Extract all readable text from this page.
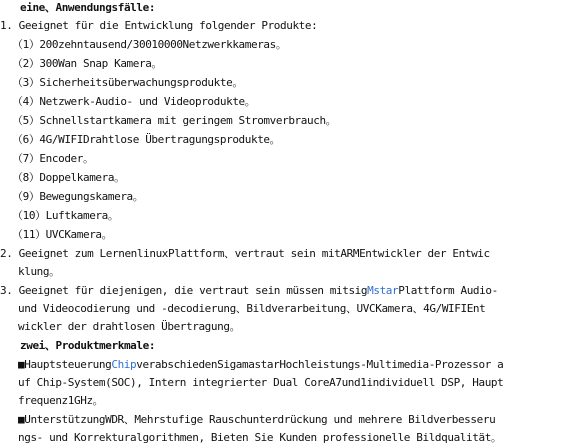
eine、Anwendungsfälle:
1. Geeignet für die Entwicklung folgender Produkte:
（1）200zehntausend/30010000Netzwerkkameras。
（2）300Wan Snap Kamera。
（3）Sicherheitsüberwachungsprodukte。
（4）Netzwerk-Audio- und Videoprodukte。
（5）Schnellstartkamera mit geringem Stromverbrauch。
（6）4G/WIFIDrahtlose Übertragungsprodukte。
（7）Encoder。
（8）Doppelkamera。
（9）Bewegungskamera。
（10）Luftkamera。
（11）UVCKamera。
2. Geeignet zum LernenlinuxPlattform、vertraut sein mitARMEntwickler der Entwic
klung。
3. Geeignet für diejenigen, die vertraut sein müssen mitsigMstarPlattform Audio-
und Videocodierung und -decodierung、Bildverarbeitung、UVCKamera、4G/WIFIEnt
wickler der drahtlosen Übertragung。
zwei、Produktmerkmale:
■HauptsteuerungChipverabschiedenSigamastarHochleistungs-Multimedia-Prozessor a
uf Chip-System(SOC), Intern integrierter Dual CoreA7und1individuell DSP, Haupt
frequenz1GHz。
■UnterstützungWDR、Mehrstufige Rauschunterdrückung und mehrere Bildverbesseru
ngs- und Korrekturalgorithmen, Bieten Sie Kunden professionelle Bildqualität。
